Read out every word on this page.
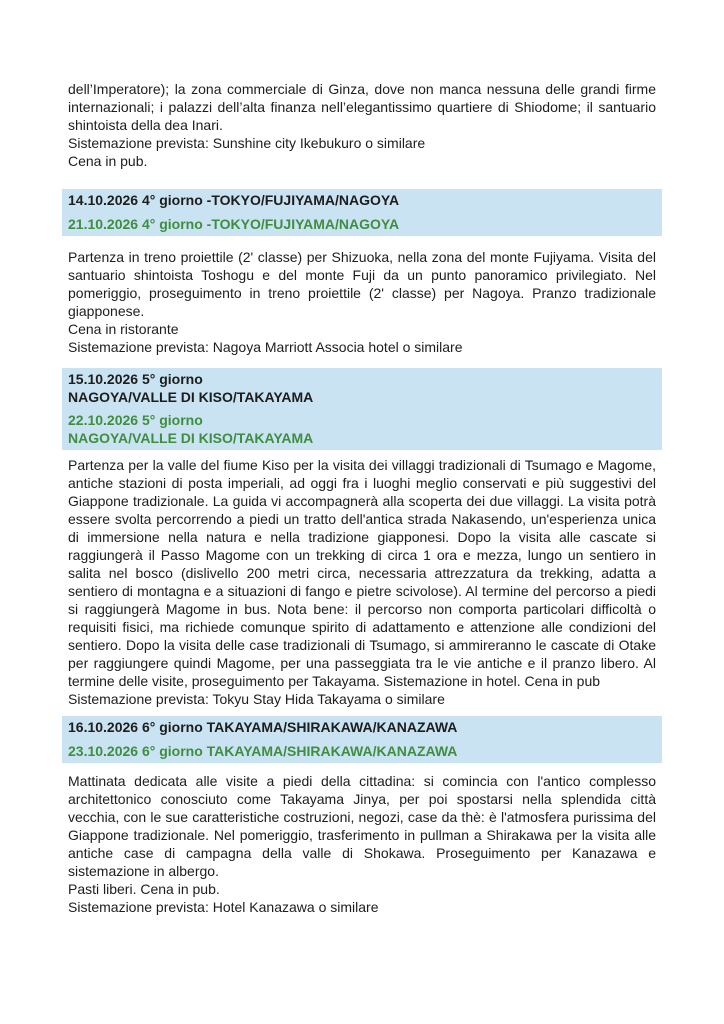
dell’Imperatore); la zona commerciale di Ginza, dove non manca nessuna delle grandi firme internazionali; i palazzi dell’alta finanza nell’elegantissimo quartiere di Shiodome; il santuario shintoista della dea Inari.

Sistemazione prevista: Sunshine city Ikebukuro o similare
Cena in pub.
14.10.2026 4° giorno -TOKYO/FUJIYAMA/NAGOYA
21.10.2026 4° giorno -TOKYO/FUJIYAMA/NAGOYA

Partenza in treno proiettile (2' classe) per Shizuoka, nella zona del monte Fujiyama. Visita del santuario shintoista Toshogu e del monte Fuji da un punto panoramico privilegiato. Nel pomeriggio, proseguimento in treno proiettile (2' classe) per Nagoya. Pranzo tradizionale giapponese.

Cena in ristorante
Sistemazione prevista: Nagoya Marriott Associa hotel o similare
15.10.2026 5° giorno
NAGOYA/VALLE DI KISO/TAKAYAMA
22.10.2026 5° giorno
NAGOYA/VALLE DI KISO/TAKAYAMA

Partenza per la valle del fiume Kiso per la visita dei villaggi tradizionali di Tsumago e Magome, antiche stazioni di posta imperiali, ad oggi fra i luoghi meglio conservati e più suggestivi del Giappone tradizionale. La guida vi accompagnerà alla scoperta dei due villaggi. La visita potrà essere svolta percorrendo a piedi un tratto dell'antica strada Nakasendo, un'esperienza unica di immersione nella natura e nella tradizione giapponesi. Dopo la visita alle cascate si raggiungerà il Passo Magome con un trekking di circa 1 ora e mezza, lungo un sentiero in salita nel bosco (dislivello 200 metri circa, necessaria attrezzatura da trekking, adatta a sentiero di montagna e a situazioni di fango e pietre scivolose). Al termine del percorso a piedi si raggiungerà Magome in bus. Nota bene: il percorso non comporta particolari difficoltà o requisiti fisici, ma richiede comunque spirito di adattamento e attenzione alle condizioni del sentiero. Dopo la visita delle case tradizionali di Tsumago, si ammireranno le cascate di Otake per raggiungere quindi Magome, per una passeggiata tra le vie antiche e il pranzo libero. Al termine delle visite, proseguimento per Takayama. Sistemazione in hotel. Cena in pub

Sistemazione prevista: Tokyu Stay Hida Takayama o similare
16.10.2026 6° giorno TAKAYAMA/SHIRAKAWA/KANAZAWA
23.10.2026 6° giorno TAKAYAMA/SHIRAKAWA/KANAZAWA

Mattinata dedicata alle visite a piedi della cittadina: si comincia con l'antico complesso architettonico conosciuto come Takayama Jinya, per poi spostarsi nella splendida città vecchia, con le sue caratteristiche costruzioni, negozi, case da thè: è l'atmosfera purissima del Giappone tradizionale. Nel pomeriggio, trasferimento in pullman a Shirakawa per la visita alle antiche case di campagna della valle di Shokawa. Proseguimento per Kanazawa e sistemazione in albergo.

Pasti liberi. Cena in pub.
Sistemazione prevista: Hotel Kanazawa o similare
